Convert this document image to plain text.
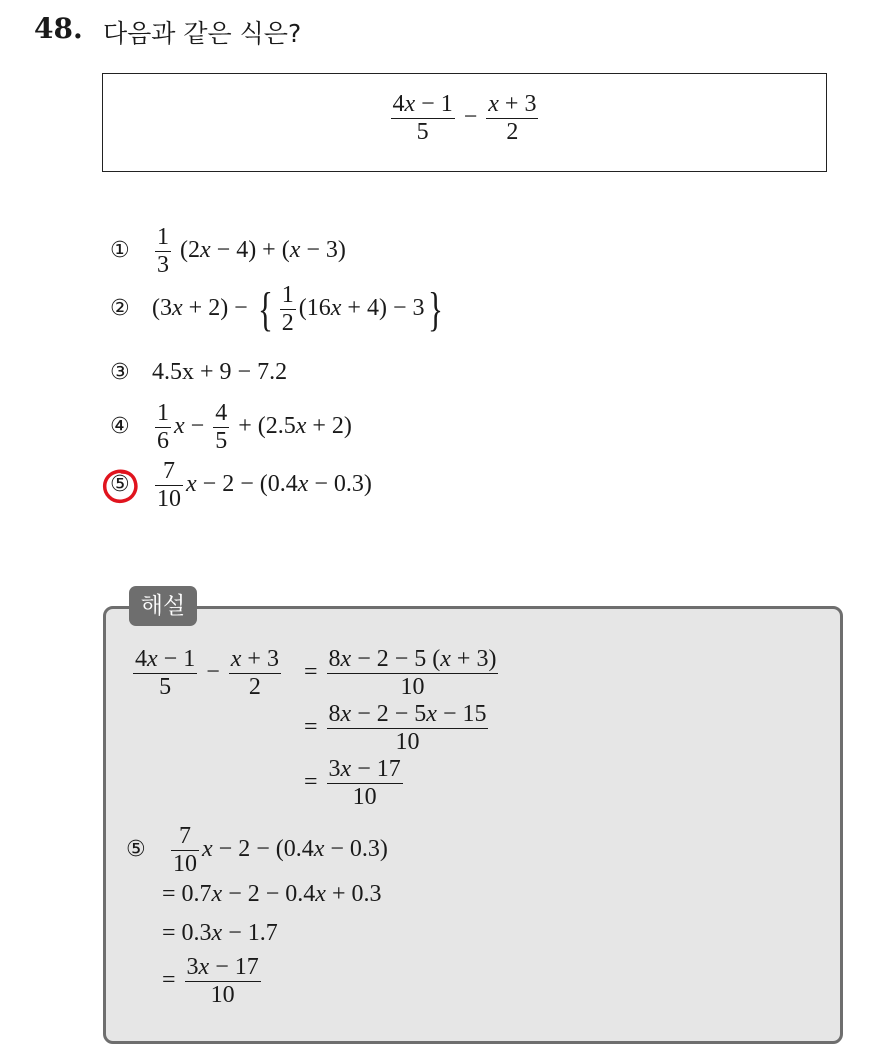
48. 다음과 같은 식은?
$\frac{4x - 1}{5} - \frac{x + 3}{2}$
① $\frac{1}{3} (2x - 4) + (x - 3)$
② (3x + 2) − { $\frac{1}{2} (16x + 4) - 3$}
③ 4.5x + 9 − 7.2
④ $\frac{1}{6}$ $x - \frac{4}{5} + (2.5x + 2)$
⑤ $\frac{7}{10}$ x − 2 − (0.4x − 0.3)
해설
$\frac{4x - 1}{5} - \frac{x + 3}{2} = \frac{8x - 2 - 5 (x + 3)}{10}$
= $\frac{8x - 2 - 5x - 15}{10}$
= $\frac{3x - 17}{10}$
⑤ $\frac{7}{10}$ x − 2 − (0.4x − 0.3)
= 0.7x − 2 − 0.4x + 0.3
= 0.3x − 1.7
= $\frac{3x - 17}{10}$
